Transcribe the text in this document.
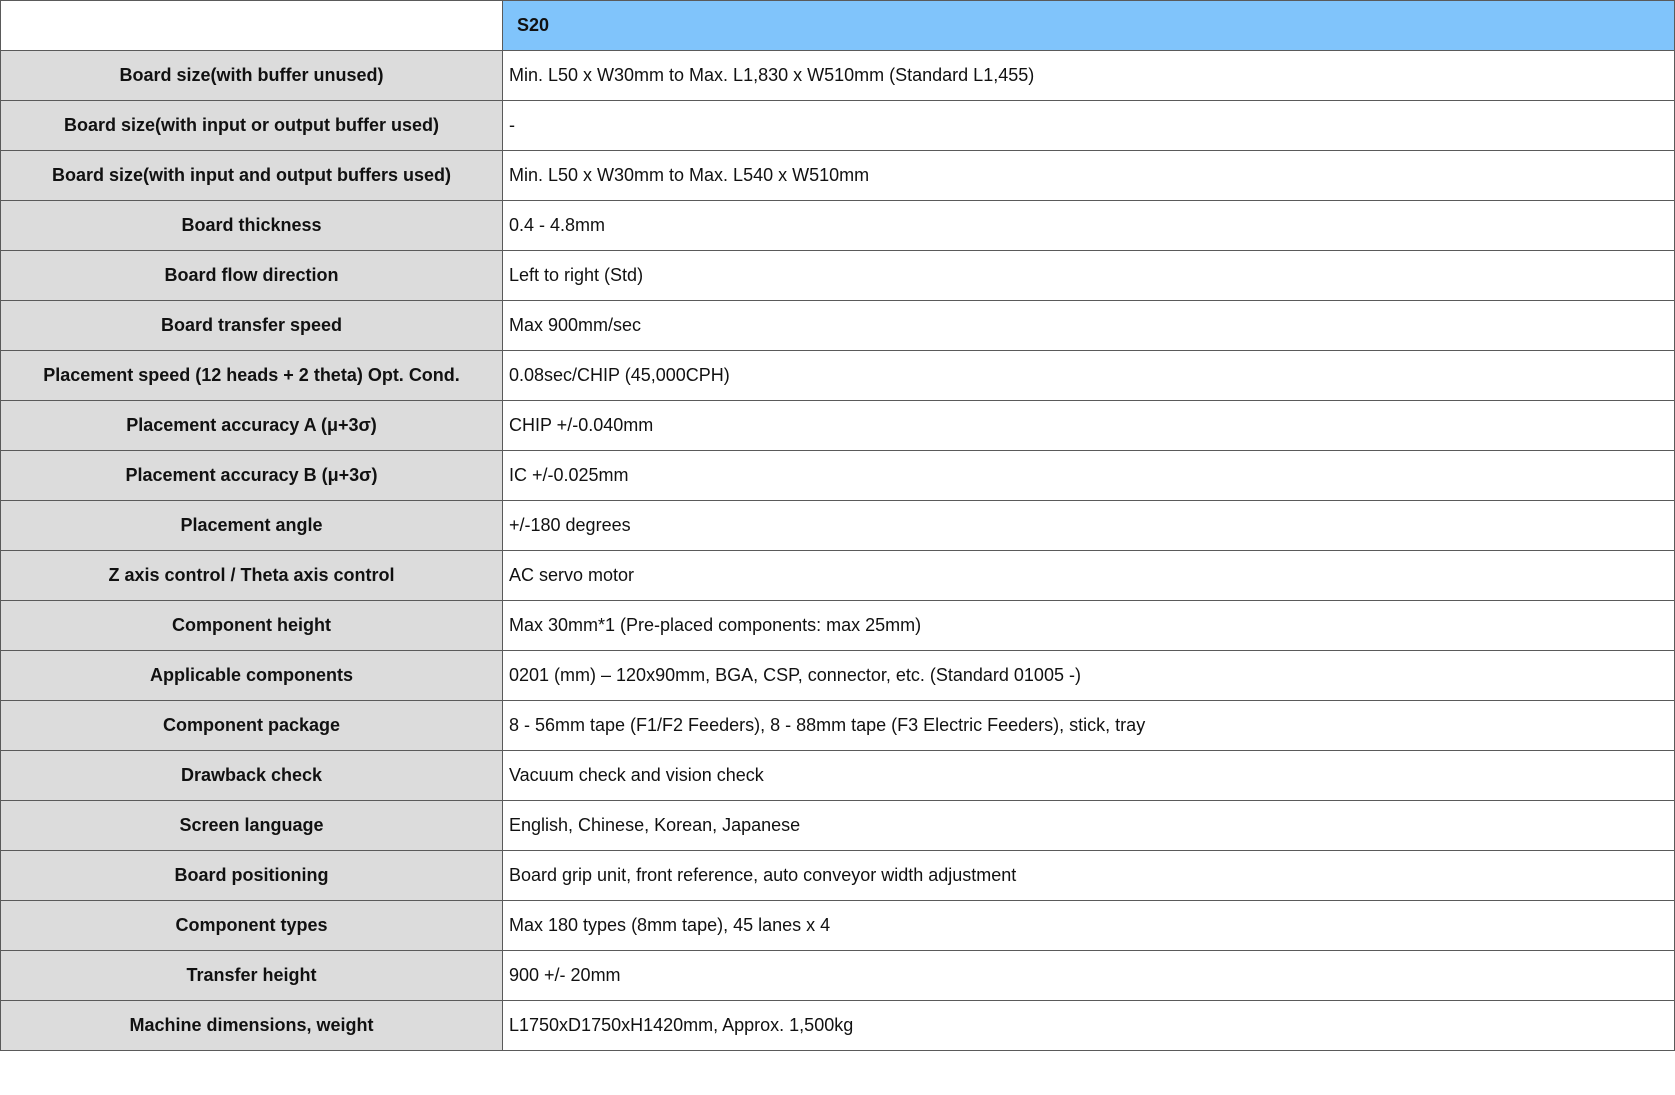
	S20
Board size(with buffer unused)	Min. L50 x W30mm to Max. L1,830 x W510mm (Standard L1,455)
Board size(with input or output buffer used)	-
Board size(with input and output buffers used)	Min. L50 x W30mm to Max. L540 x W510mm
Board thickness	0.4 - 4.8mm
Board flow direction	Left to right (Std)
Board transfer speed	Max 900mm/sec
Placement speed (12 heads + 2 theta) Opt. Cond.	0.08sec/CHIP (45,000CPH)
Placement accuracy A (μ+3σ)	CHIP +/-0.040mm
Placement accuracy B (μ+3σ)	IC +/-0.025mm
Placement angle	+/-180 degrees
Z axis control / Theta axis control	AC servo motor
Component height	Max 30mm*1 (Pre-placed components: max 25mm)
Applicable components	0201 (mm) – 120x90mm, BGA, CSP, connector, etc. (Standard 01005 -)
Component package	8 - 56mm tape (F1/F2 Feeders), 8 - 88mm tape (F3 Electric Feeders), stick, tray
Drawback check	Vacuum check and vision check
Screen language	English, Chinese, Korean, Japanese
Board positioning	Board grip unit, front reference, auto conveyor width adjustment
Component types	Max 180 types (8mm tape), 45 lanes x 4
Transfer height	900 +/- 20mm
Machine dimensions, weight	L1750xD1750xH1420mm, Approx. 1,500kg
